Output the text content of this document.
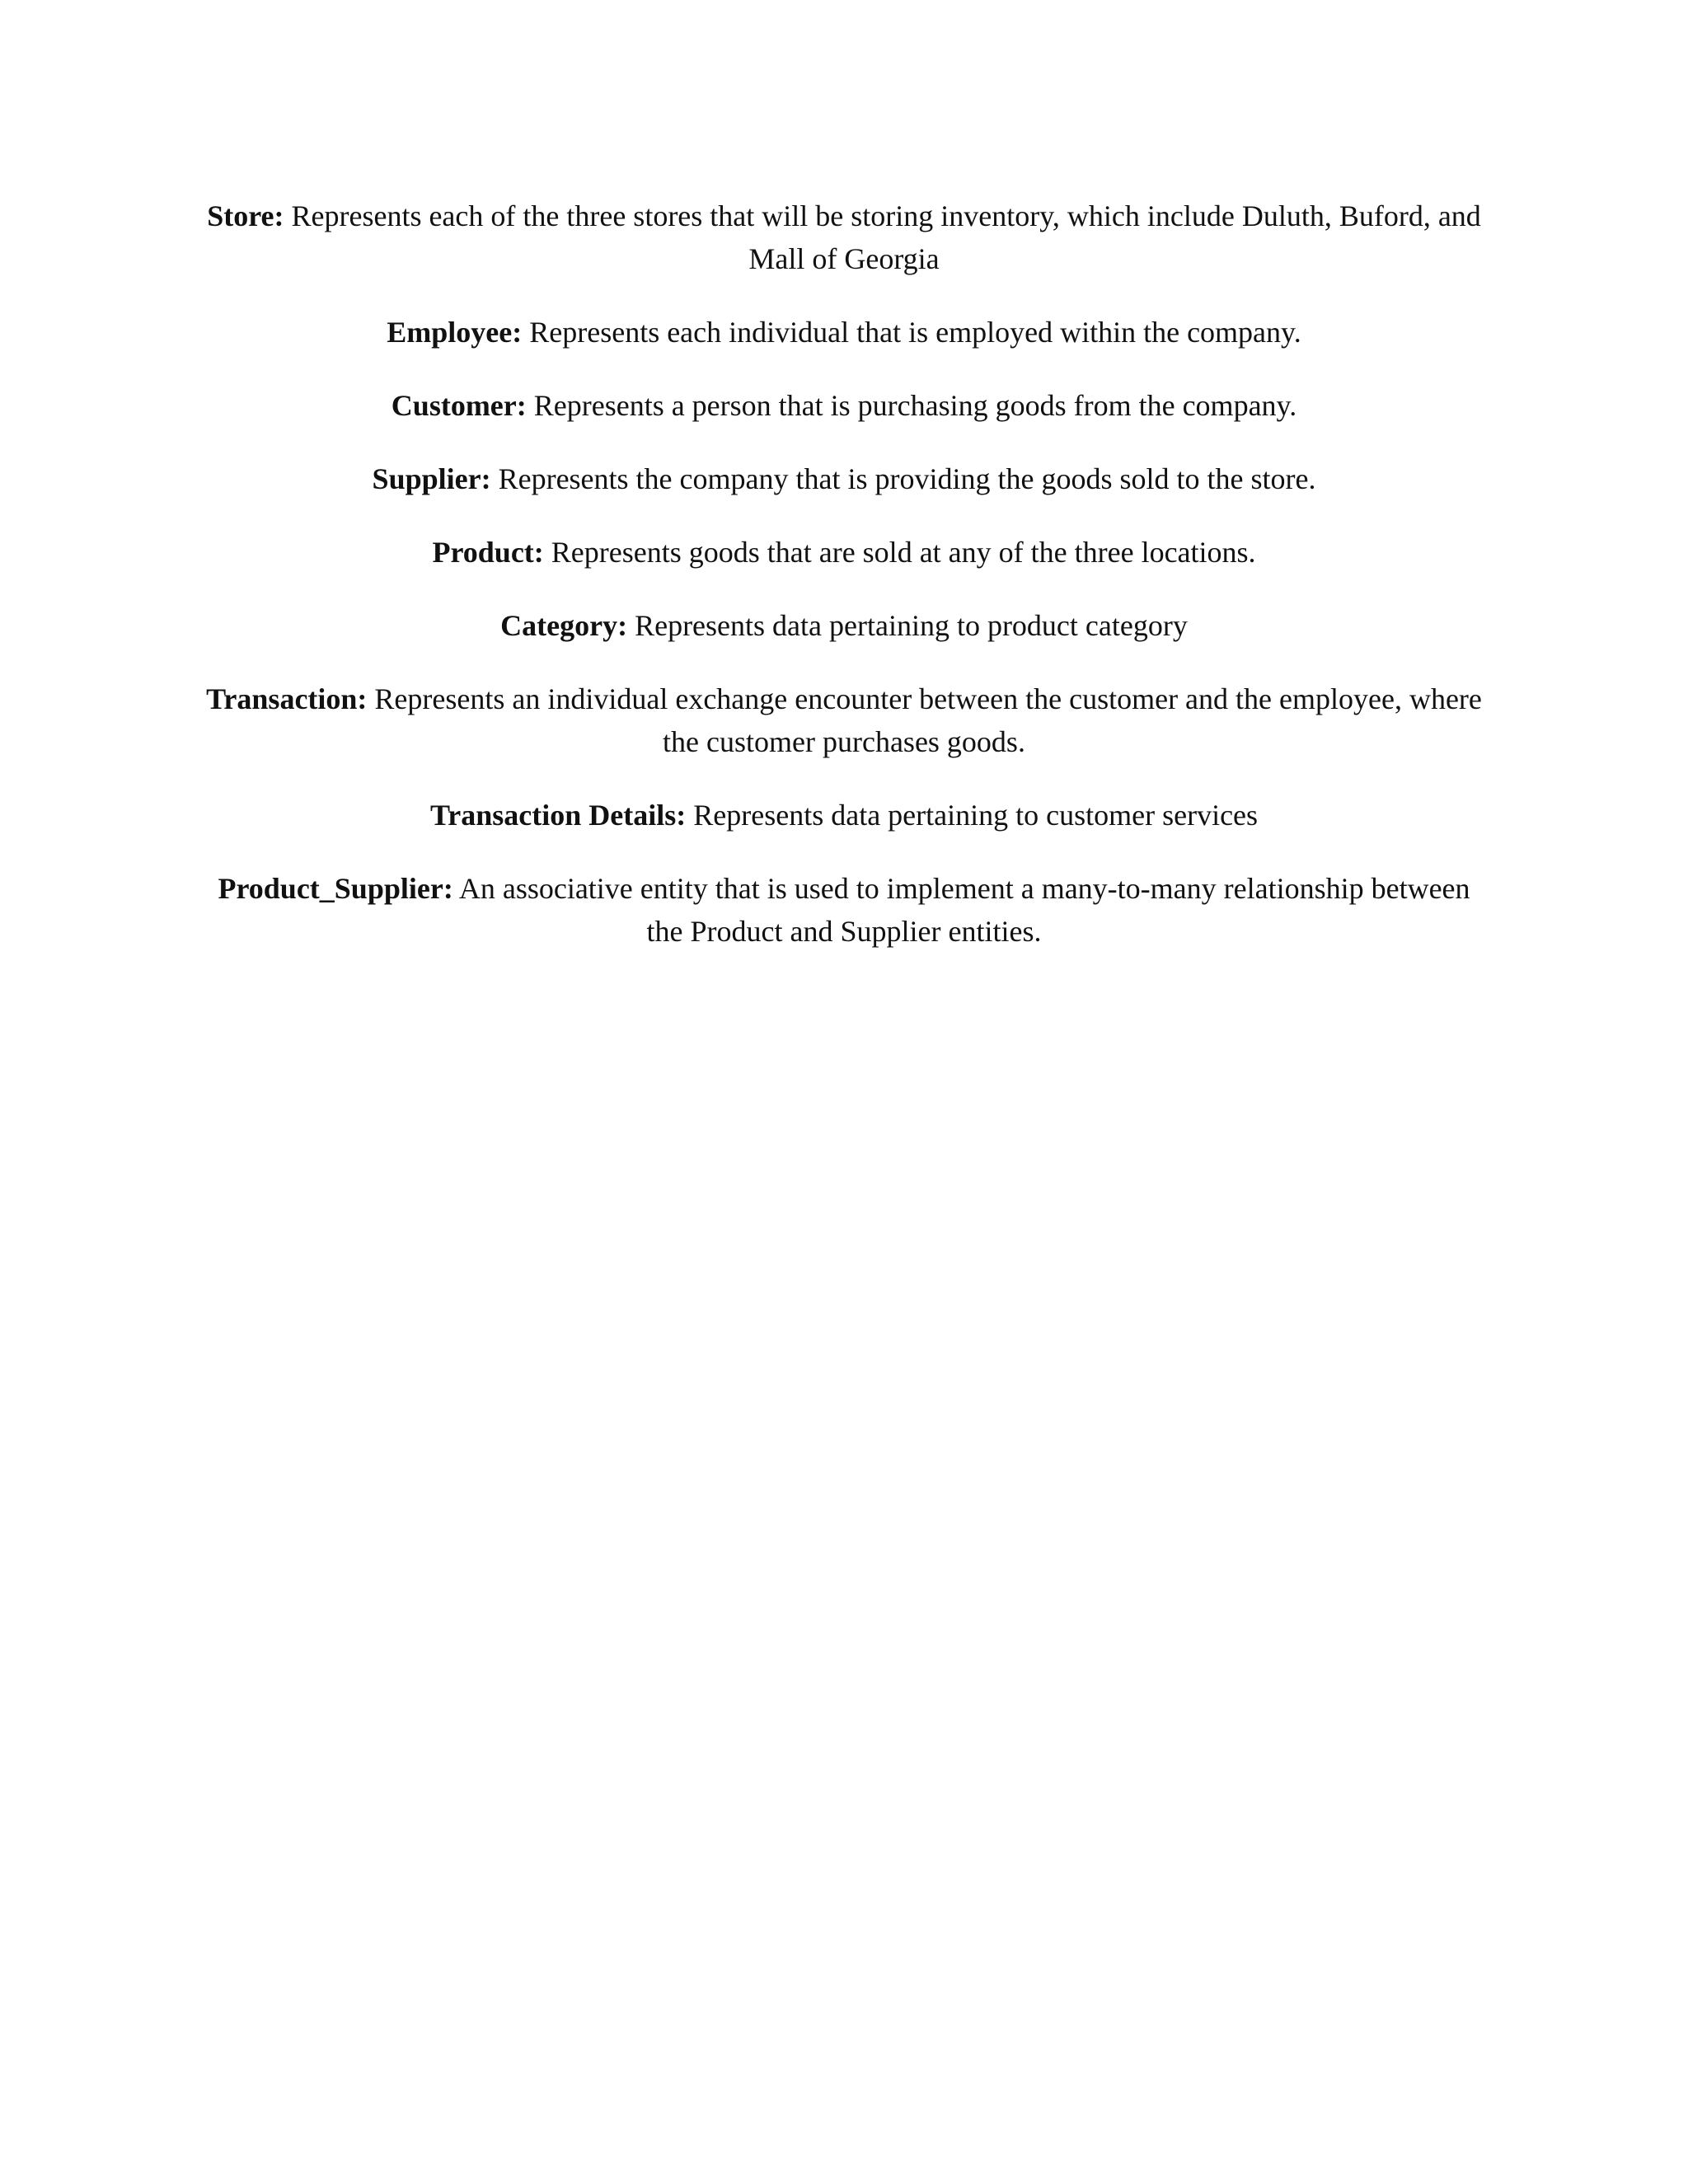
Store: Represents each of the three stores that will be storing inventory, which include Duluth, Buford, and Mall of Georgia
Employee: Represents each individual that is employed within the company.
Customer: Represents a person that is purchasing goods from the company.
Supplier: Represents the company that is providing the goods sold to the store.
Product: Represents goods that are sold at any of the three locations.
Category: Represents data pertaining to product category
Transaction: Represents an individual exchange encounter between the customer and the employee, where the customer purchases goods.
Transaction Details: Represents data pertaining to customer services
Product_Supplier: An associative entity that is used to implement a many-to-many relationship between the Product and Supplier entities.
